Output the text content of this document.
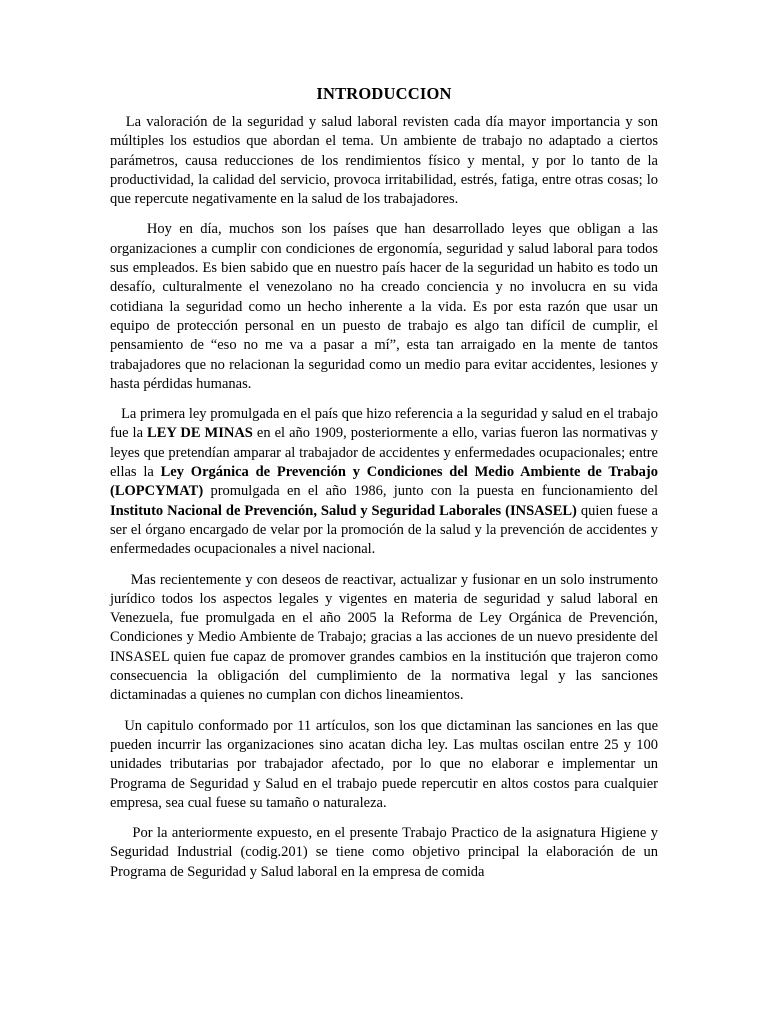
INTRODUCCION

La valoración de la seguridad y salud laboral revisten cada día mayor importancia y son múltiples los estudios que abordan el tema. Un ambiente de trabajo no adaptado a ciertos parámetros, causa reducciones de los rendimientos físico y mental, y por lo tanto de la productividad, la calidad del servicio, provoca irritabilidad, estrés, fatiga, entre otras cosas; lo que repercute negativamente en la salud de los trabajadores.

Hoy en día, muchos son los países que han desarrollado leyes que obligan a las organizaciones a cumplir con condiciones de ergonomía, seguridad y salud laboral para todos sus empleados. Es bien sabido que en nuestro país hacer de la seguridad un habito es todo un desafío, culturalmente el venezolano no ha creado conciencia y no involucra en su vida cotidiana la seguridad como un hecho inherente a la vida. Es por esta razón que usar un equipo de protección personal en un puesto de trabajo es algo tan difícil de cumplir, el pensamiento de “eso no me va a pasar a mí”, esta tan arraigado en la mente de tantos trabajadores que no relacionan la seguridad como un medio para evitar accidentes, lesiones y hasta pérdidas humanas.

La primera ley promulgada en el país que hizo referencia a la seguridad y salud en el trabajo fue la LEY DE MINAS en el año 1909, posteriormente a ello, varias fueron las normativas y leyes que pretendían amparar al trabajador de accidentes y enfermedades ocupacionales; entre ellas la Ley Orgánica de Prevención y Condiciones del Medio Ambiente de Trabajo (LOPCYMAT) promulgada en el año 1986, junto con la puesta en funcionamiento del Instituto Nacional de Prevención, Salud y Seguridad Laborales (INSASEL) quien fuese a ser el órgano encargado de velar por la promoción de la salud y la prevención de accidentes y enfermedades ocupacionales a nivel nacional.

Mas recientemente y con deseos de reactivar, actualizar y fusionar en un solo instrumento jurídico todos los aspectos legales y vigentes en materia de seguridad y salud laboral en Venezuela, fue promulgada en el año 2005 la Reforma de Ley Orgánica de Prevención, Condiciones y Medio Ambiente de Trabajo; gracias a las acciones de un nuevo presidente del INSASEL quien fue capaz de promover grandes cambios en la institución que trajeron como consecuencia la obligación del cumplimiento de la normativa legal y las sanciones dictaminadas a quienes no cumplan con dichos lineamientos.

Un capitulo conformado por 11 artículos, son los que dictaminan las sanciones en las que pueden incurrir las organizaciones sino acatan dicha ley. Las multas oscilan entre 25 y 100 unidades tributarias por trabajador afectado, por lo que no elaborar e implementar un Programa de Seguridad y Salud en el trabajo puede repercutir en altos costos para cualquier empresa, sea cual fuese su tamaño o naturaleza.

Por la anteriormente expuesto, en el presente Trabajo Practico de la asignatura Higiene y Seguridad Industrial (codig.201) se tiene como objetivo principal la elaboración de un Programa de Seguridad y Salud laboral en la empresa de comida
